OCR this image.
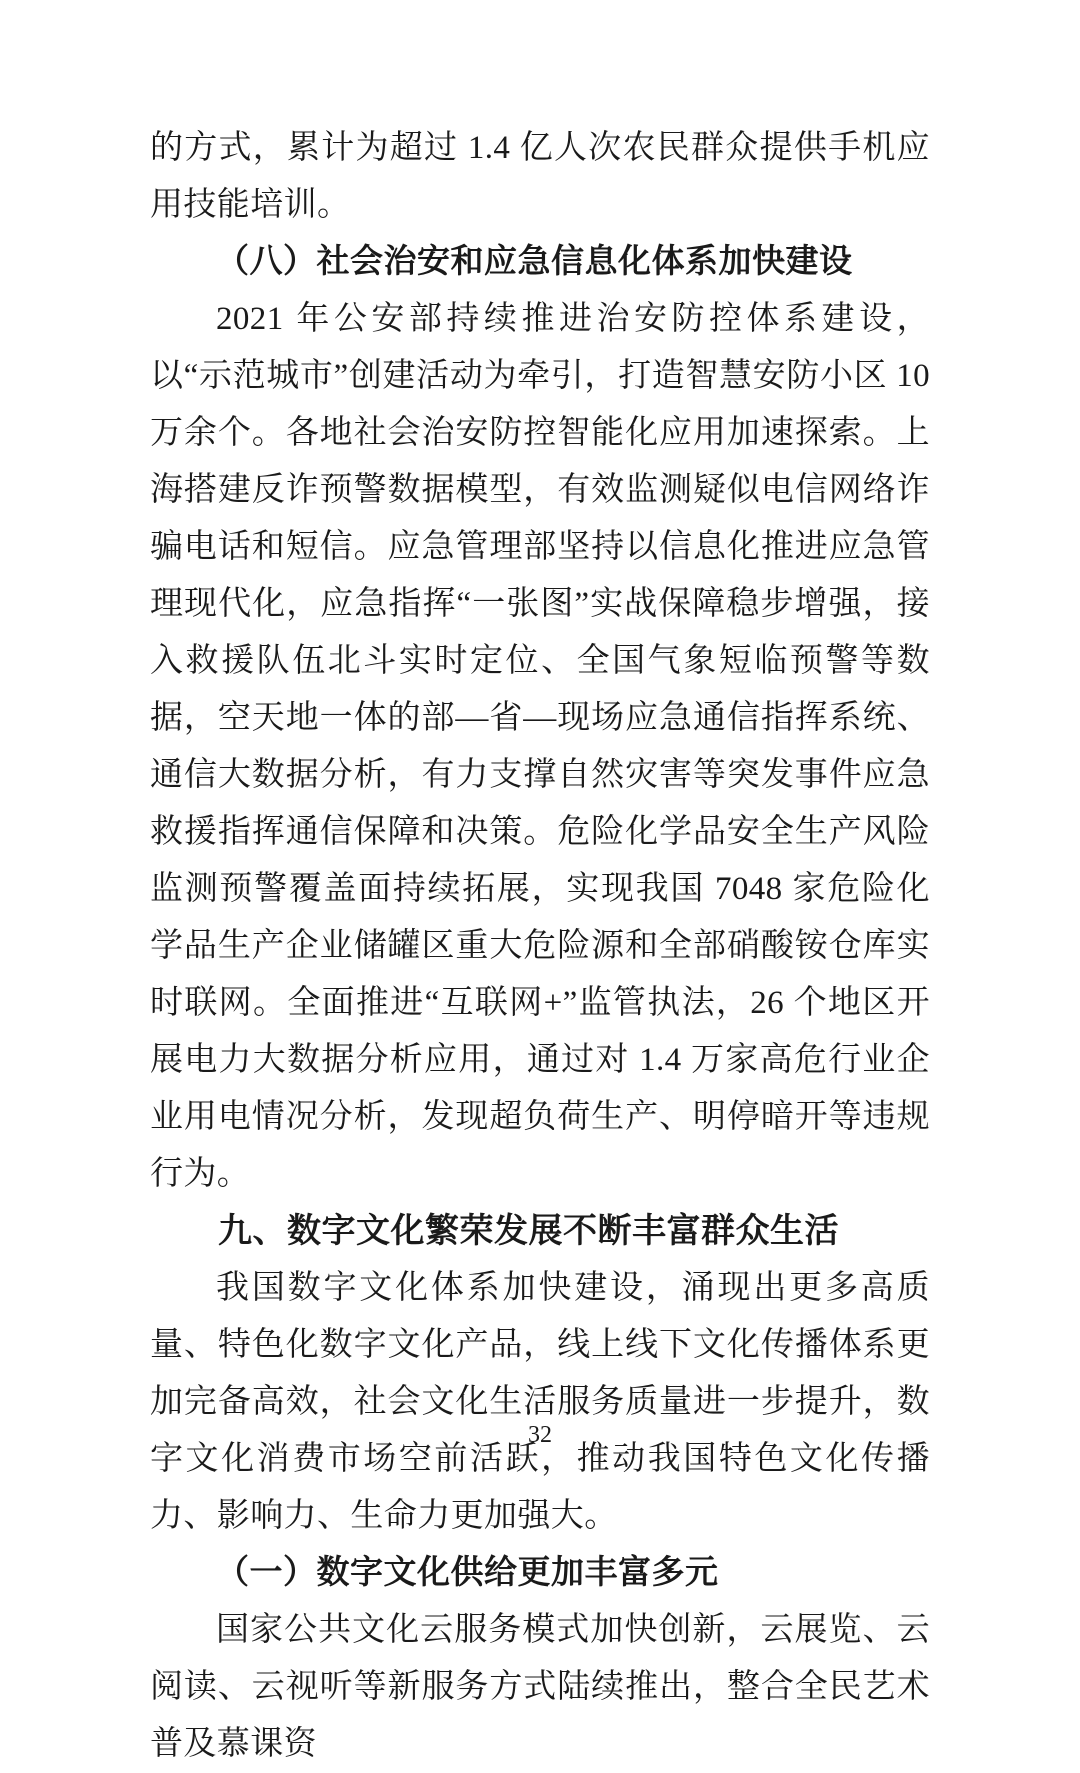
的方式，累计为超过 1.4 亿人次农民群众提供手机应用技能培训。

（八）社会治安和应急信息化体系加快建设

2021 年公安部持续推进治安防控体系建设，以“示范城市”创建活动为牵引，打造智慧安防小区 10 万余个。各地社会治安防控智能化应用加速探索。上海搭建反诈预警数据模型，有效监测疑似电信网络诈骗电话和短信。应急管理部坚持以信息化推进应急管理现代化，应急指挥“一张图”实战保障稳步增强，接入救援队伍北斗实时定位、全国气象短临预警等数据，空天地一体的部—省—现场应急通信指挥系统、通信大数据分析，有力支撑自然灾害等突发事件应急救援指挥通信保障和决策。危险化学品安全生产风险监测预警覆盖面持续拓展，实现我国 7048 家危险化学品生产企业储罐区重大危险源和全部硝酸铵仓库实时联网。全面推进“互联网+”监管执法，26 个地区开展电力大数据分析应用，通过对 1.4 万家高危行业企业用电情况分析，发现超负荷生产、明停暗开等违规行为。

九、数字文化繁荣发展不断丰富群众生活

我国数字文化体系加快建设，涌现出更多高质量、特色化数字文化产品，线上线下文化传播体系更加完备高效，社会文化生活服务质量进一步提升，数字文化消费市场空前活跃，推动我国特色文化传播力、影响力、生命力更加强大。

（一）数字文化供给更加丰富多元

国家公共文化云服务模式加快创新，云展览、云阅读、云视听等新服务方式陆续推出，整合全民艺术普及慕课资

32
